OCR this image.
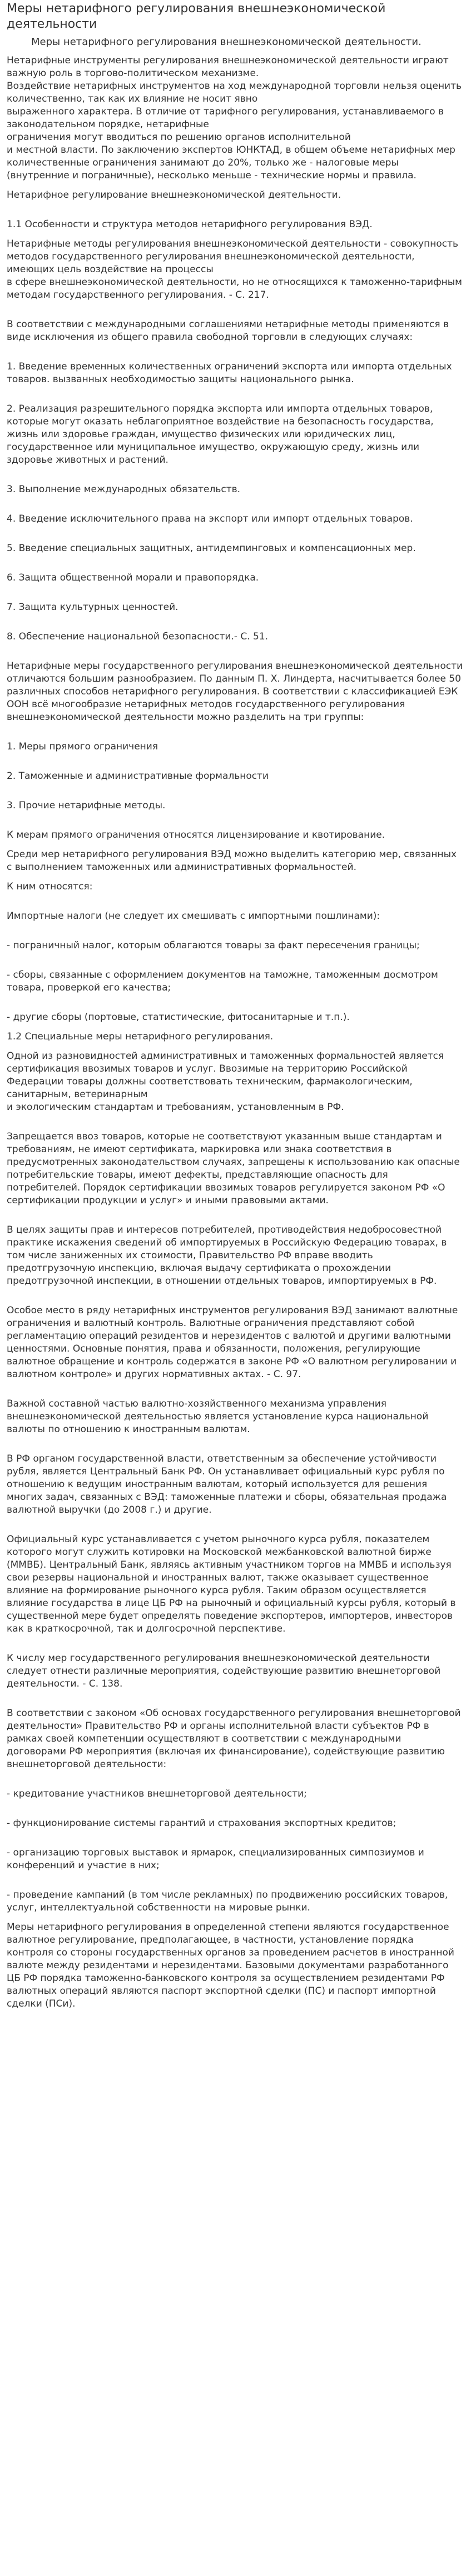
Меры нетарифного регулирования внешнеэкономической деятельности
Меры нетарифного регулирования внешнеэкономической деятельности.

Нетарифные инструменты регулирования внешнеэкономической деятельности играют важную роль в торгово-политическом механизме.
Воздействие нетарифных инструментов на ход международной торговли нельзя оценить количественно, так как их влияние не носит явно
выраженного характера. В отличие от тарифного регулирования, устанавливаемого в законодательном порядке, нетарифные
ограничения могут вводиться по решению органов исполнительной
и местной власти. По заключению экспертов ЮНКТАД, в общем объеме нетарифных мер количественные ограничения занимают до 20%, только же - налоговые меры (внутренние и пограничные), несколько меньше - технические нормы и правила.

Нетарифное регулирование внешнеэкономической деятельности.

1.1 Особенности и структура методов нетарифного регулирования ВЭД.

Нетарифные методы регулирования внешнеэкономической деятельности - совокупность методов государственного регулирования внешнеэкономической деятельности, имеющих цель воздействие на процессы
в сфере внешнеэкономической деятельности, но не относящихся к таможенно-тарифным методам государственного регулирования. - С. 217.

В соответствии с международными соглашениями нетарифные методы применяются в виде исключения из общего правила свободной торговли в следующих случаях:

1. Введение временных количественных ограничений экспорта или импорта отдельных товаров. вызванных необходимостью защиты национального рынка.

2. Реализация разрешительного порядка экспорта или импорта отдельных товаров, которые могут оказать неблагоприятное воздействие на безопасность государства, жизнь или здоровье граждан, имущество физических или юридических лиц, государственное или муниципальное имущество, окружающую среду, жизнь или здоровье животных и растений.

3. Выполнение международных обязательств.

4. Введение исключительного права на экспорт или импорт отдельных товаров.

5. Введение специальных защитных, антидемпинговых и компенсационных мер.

6. Защита общественной морали и правопорядка.

7. Защита культурных ценностей.

8. Обеспечение национальной безопасности.- С. 51.

Нетарифные меры государственного регулирования внешнеэкономической деятельности отличаются большим разнообразием. По данным П. Х. Линдерта, насчитывается более 50 различных способов нетарифного регулирования. В соответствии с классификацией ЕЭК ООН всё многообразие нетарифных методов государственного регулирования внешнеэкономической деятельности можно разделить на три группы:

1. Меры прямого ограничения

2. Таможенные и административные формальности

3. Прочие нетарифные методы.

К мерам прямого ограничения относятся лицензирование и квотирование.

Среди мер нетарифного регулирования ВЭД можно выделить категорию мер, связанных с выполнением таможенных или административных формальностей.

К ним относятся:

Импортные налоги (не следует их смешивать с импортными пошлинами):

- пограничный налог, которым облагаются товары за факт пересечения границы;

- сборы, связанные с оформлением документов на таможне, таможенным досмотром товара, проверкой его качества;

- другие сборы (портовые, статистические, фитосанитарные и т.п.).

1.2 Специальные меры нетарифного регулирования.

Одной из разновидностей административных и таможенных формальностей является сертификация ввозимых товаров и услуг. Ввозимые на территорию Российской Федерации товары должны соответствовать техническим, фармакологическим, санитарным, ветеринарным
и экологическим стандартам и требованиям, установленным в РФ.

Запрещается ввоз товаров, которые не соответствуют указанным выше стандартам и требованиям, не имеют сертификата, маркировка или знака соответствия в предусмотренных законодательством случаях, запрещены к использованию как опасные потребительские товары, имеют дефекты, представляющие опасность для потребителей. Порядок сертификации ввозимых товаров регулируется законом РФ «О сертификации продукции и услуг» и иными правовыми актами.

В целях защиты прав и интересов потребителей, противодействия недобросовестной практике искажения сведений об импортируемых в Российскую Федерацию товарах, в том числе заниженных их стоимости, Правительство РФ вправе вводить предотгрузочную инспекцию, включая выдачу сертификата о прохождении предотгрузочной инспекции, в отношении отдельных товаров, импортируемых в РФ.

Особое место в ряду нетарифных инструментов регулирования ВЭД занимают валютные ограничения и валютный контроль. Валютные ограничения представляют собой регламентацию операций резидентов и нерезидентов с валютой и другими валютными ценностями. Основные понятия, права и обязанности, положения, регулирующие валютное обращение и контроль содержатся в законе РФ «О валютном регулировании и валютном контроле» и других нормативных актах. - С. 97.

Важной составной частью валютно-хозяйственного механизма управления внешнеэкономической деятельностью является установление курса национальной валюты по отношению к иностранным валютам.

В РФ органом государственной власти, ответственным за обеспечение устойчивости рубля, является Центральный Банк РФ. Он устанавливает официальный курс рубля по отношению к ведущим иностранным валютам, который используется для решения многих задач, связанных с ВЭД: таможенные платежи и сборы, обязательная продажа валютной выручки (до 2008 г.) и другие.

Официальный курс устанавливается с учетом рыночного курса рубля, показателем которого могут служить котировки на Московской межбанковской валютной бирже (ММВБ). Центральный Банк, являясь активным участником торгов на ММВБ и используя свои резервы национальной и иностранных валют, также оказывает существенное влияние на формирование рыночного курса рубля. Таким образом осуществляется влияние государства в лице ЦБ РФ на рыночный и официальный курсы рубля, который в существенной мере будет определять поведение экспортеров, импортеров, инвесторов как в краткосрочной, так и долгосрочной перспективе.

К числу мер государственного регулирования внешнеэкономической деятельности следует отнести различные мероприятия, содействующие развитию внешнеторговой деятельности. - С. 138.

В соответствии с законом «Об основах государственного регулирования внешнеторговой деятельности» Правительство РФ и органы исполнительной власти субъектов РФ в рамках своей компетенции осуществляют в соответствии с международными договорами РФ мероприятия (включая их финансирование), содействующие развитию внешнеторговой деятельности:

- кредитование участников внешнеторговой деятельности;

- функционирование системы гарантий и страхования экспортных кредитов;

- организацию торговых выставок и ярмарок, специализированных симпозиумов и конференций и участие в них;

- проведение кампаний (в том числе рекламных) по продвижению российских товаров, услуг, интеллектуальной собственности на мировые рынки.

Меры нетарифного регулирования в определенной степени являются государственное валютное регулирование, предполагающее, в частности, установление порядка контроля со стороны государственных органов за проведением расчетов в иностранной валюте между резидентами и нерезидентами. Базовыми документами разработанного ЦБ РФ порядка таможенно-банковского контроля за осуществлением резидентами РФ валютных операций являются паспорт экспортной сделки (ПС) и паспорт импортной сделки (ПСи).
